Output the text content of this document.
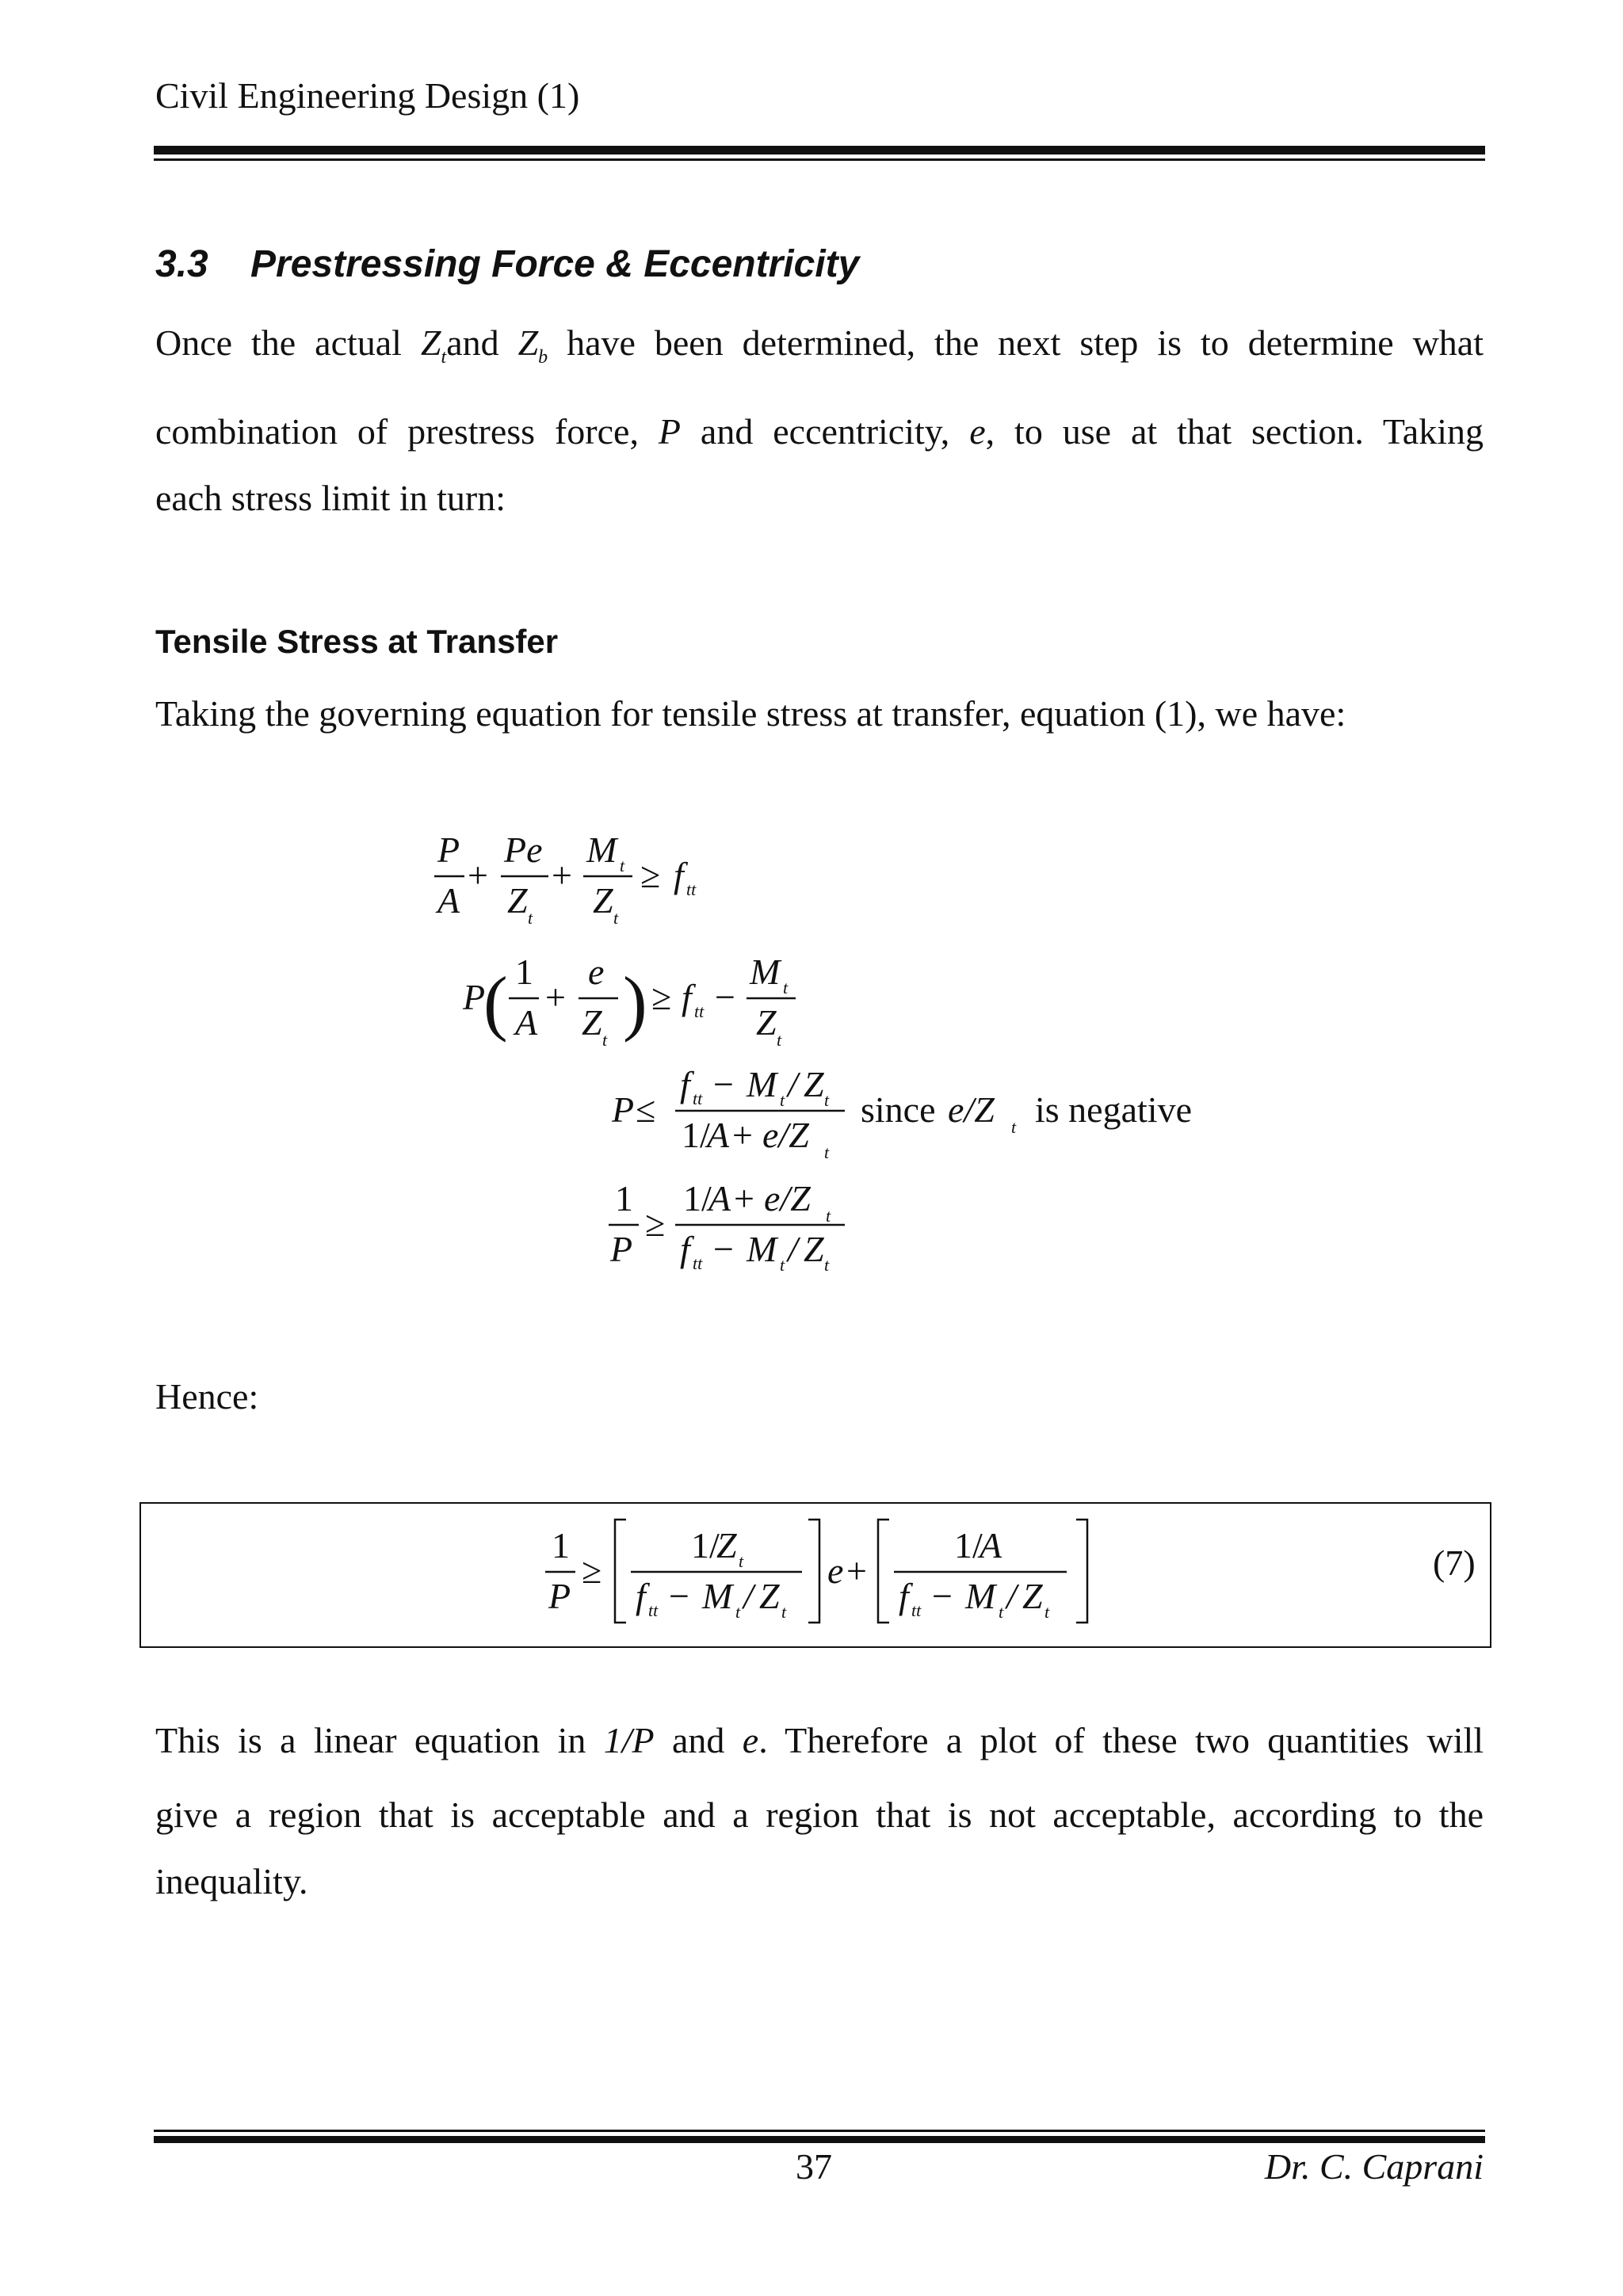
Civil Engineering Design (1)
3.3 Prestressing Force & Eccentricity
Once the actual $Z_tand$ $Z_b$ have been determined, the next step is to determine what
combination of prestress force, P and eccentricity, e, to use at that section. Taking
each stress limit in turn:
Tensile Stress at Transfer
Taking the governing equation for tensile stress at transfer, equation (1), we have:
P
A
+
Pe
Z t
+
M t
Z t
≥ f tt
P
( 1
A
+
e
Z t ) ≥ f tt −
M t
Z t
P ≤
f tt − M t / Z t
1/
A + e/Z t
since e/Z t is negative
1
P
≥
1/
A + e/Z t
f tt − M t / Z t
Hence:
1
P
≥
1/
Z t
f tt − M t / Z t
e +
1/
A
f tt − M t / Z t
(7)
This is a linear equation in 1/P and e. Therefore a plot of these two quantities will
give a region that is acceptable and a region that is not acceptable, according to the
inequality.
37	Dr. C. Caprani
